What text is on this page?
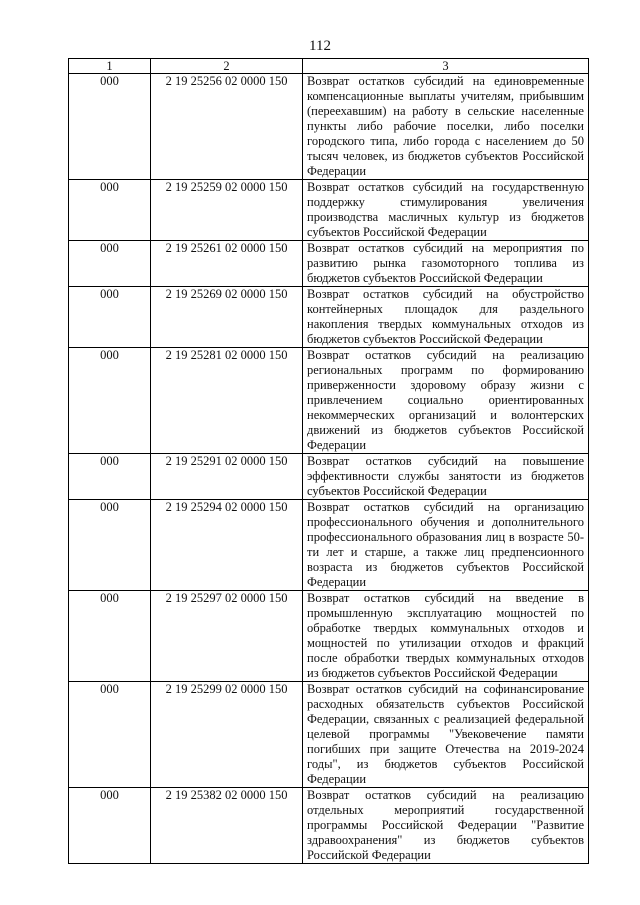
112
1	2	3
000	2 19 25256 02 0000 150	Возврат остатков субсидий на единовременные компенсационные выплаты учителям, прибывшим (переехавшим) на работу в сельские населенные пункты либо рабочие поселки, либо поселки городского типа, либо города с населением до 50 тысяч человек, из бюджетов субъектов Российской Федерации
000	2 19 25259 02 0000 150	Возврат остатков субсидий на государственную поддержку стимулирования увеличения производства масличных культур из бюджетов субъектов Российской Федерации
000	2 19 25261 02 0000 150	Возврат остатков субсидий на мероприятия по развитию рынка газомоторного топлива из бюджетов субъектов Российской Федерации
000	2 19 25269 02 0000 150	Возврат остатков субсидий на обустройство контейнерных площадок для раздельного накопления твердых коммунальных отходов из бюджетов субъектов Российской Федерации
000	2 19 25281 02 0000 150	Возврат остатков субсидий на реализацию региональных программ по формированию приверженности здоровому образу жизни с привлечением социально ориентированных некоммерческих организаций и волонтерских движений из бюджетов субъектов Российской Федерации
000	2 19 25291 02 0000 150	Возврат остатков субсидий на повышение эффективности службы занятости из бюджетов субъектов Российской Федерации
000	2 19 25294 02 0000 150	Возврат остатков субсидий на организацию профессионального обучения и дополнительного профессионального образования лиц в возрасте 50-ти лет и старше, а также лиц предпенсионного возраста из бюджетов субъектов Российской Федерации
000	2 19 25297 02 0000 150	Возврат остатков субсидий на введение в промышленную эксплуатацию мощностей по обработке твердых коммунальных отходов и мощностей по утилизации отходов и фракций после обработки твердых коммунальных отходов из бюджетов субъектов Российской Федерации
000	2 19 25299 02 0000 150	Возврат остатков субсидий на софинансирование расходных обязательств субъектов Российской Федерации, связанных с реализацией федеральной целевой программы "Увековечение памяти погибших при защите Отечества на 2019-2024 годы", из бюджетов субъектов Российской Федерации
000	2 19 25382 02 0000 150	Возврат остатков субсидий на реализацию отдельных мероприятий государственной программы Российской Федерации "Развитие здравоохранения" из бюджетов субъектов Российской Федерации
